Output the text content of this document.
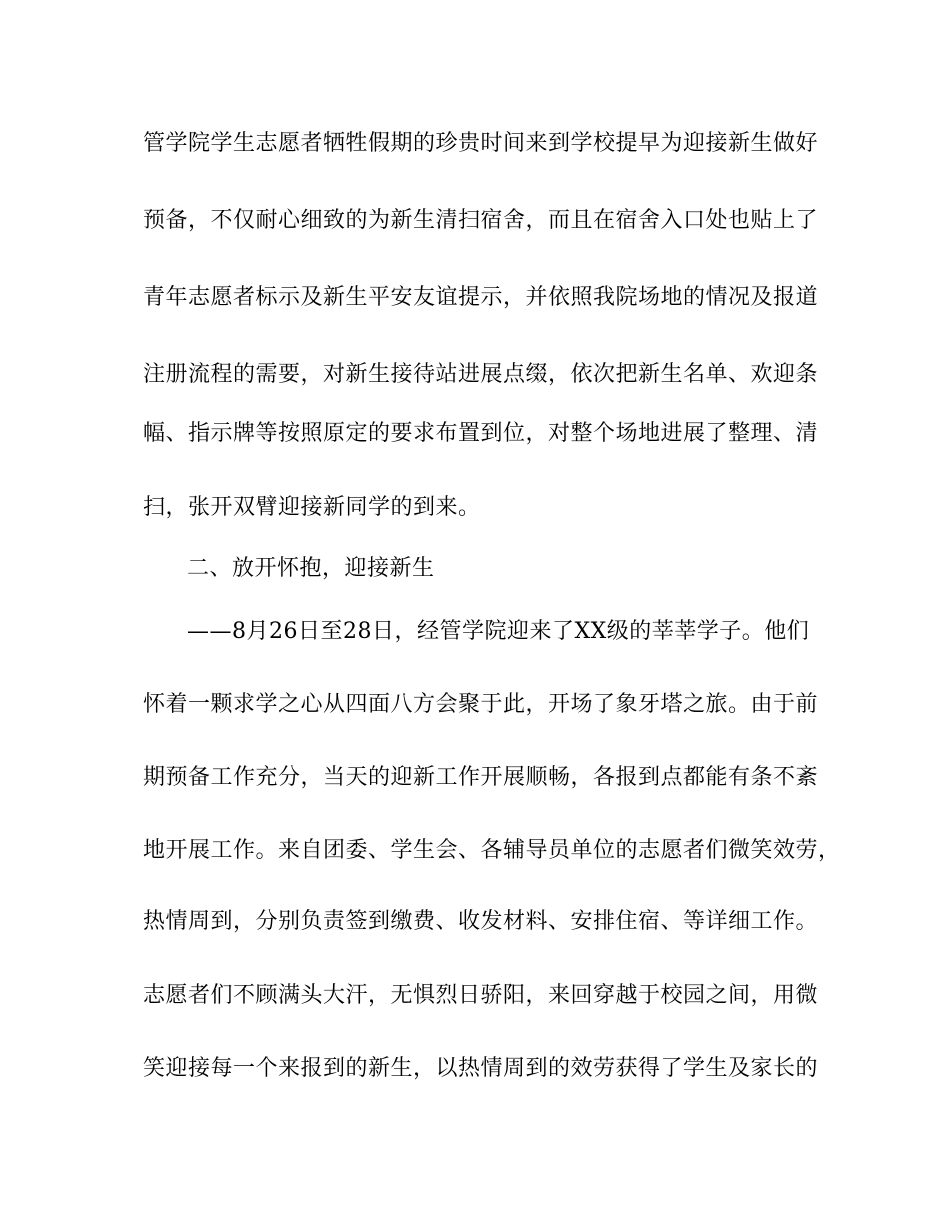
管学院学生志愿者牺牲假期的珍贵时间来到学校提早为迎接新生做好
预备，不仅耐心细致的为新生清扫宿舍，而且在宿舍入口处也贴上了
青年志愿者标示及新生平安友谊提示，并依照我院场地的情况及报道
注册流程的需要，对新生接待站进展点缀，依次把新生名单、欢迎条
幅、指示牌等按照原定的要求布置到位，对整个场地进展了整理、清
扫，张开双臂迎接新同学的到来。
二、放开怀抱，迎接新生
——8月26日至28日，经管学院迎来了XX级的莘莘学子。他们
怀着一颗求学之心从四面八方会聚于此，开场了象牙塔之旅。由于前
期预备工作充分，当天的迎新工作开展顺畅，各报到点都能有条不紊
地开展工作。来自团委、学生会、各辅导员单位的志愿者们微笑效劳，
热情周到，分别负责签到缴费、收发材料、安排住宿、等详细工作。
志愿者们不顾满头大汗，无惧烈日骄阳，来回穿越于校园之间，用微
笑迎接每一个来报到的新生，以热情周到的效劳获得了学生及家长的
